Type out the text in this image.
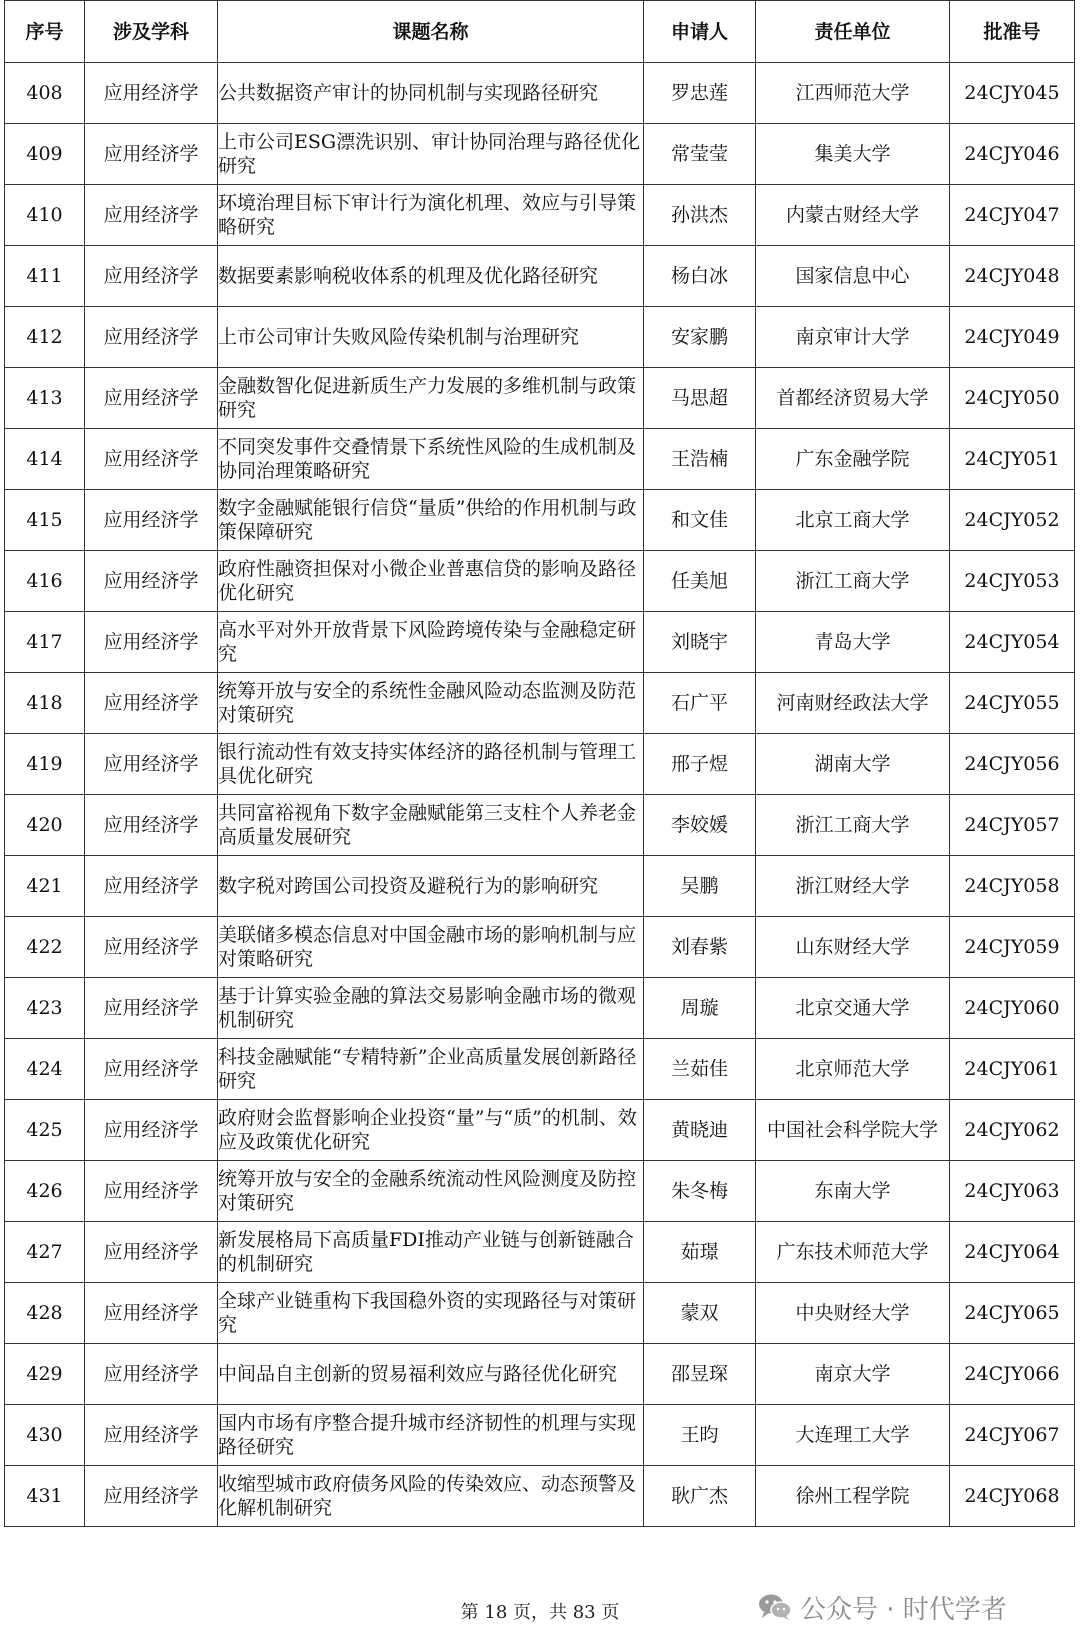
序号	涉及学科	课题名称	申请人	责任单位	批准号
408	应用经济学	公共数据资产审计的协同机制与实现路径研究	罗忠莲	江西师范大学	24CJY045
409	应用经济学	上市公司ESG漂洗识别、审计协同治理与路径优化研究	常莹莹	集美大学	24CJY046
410	应用经济学	环境治理目标下审计行为演化机理、效应与引导策略研究	孙洪杰	内蒙古财经大学	24CJY047
411	应用经济学	数据要素影响税收体系的机理及优化路径研究	杨白冰	国家信息中心	24CJY048
412	应用经济学	上市公司审计失败风险传染机制与治理研究	安家鹏	南京审计大学	24CJY049
413	应用经济学	金融数智化促进新质生产力发展的多维机制与政策研究	马思超	首都经济贸易大学	24CJY050
414	应用经济学	不同突发事件交叠情景下系统性风险的生成机制及协同治理策略研究	王浩楠	广东金融学院	24CJY051
415	应用经济学	数字金融赋能银行信贷“量质”供给的作用机制与政策保障研究	和文佳	北京工商大学	24CJY052
416	应用经济学	政府性融资担保对小微企业普惠信贷的影响及路径优化研究	任美旭	浙江工商大学	24CJY053
417	应用经济学	高水平对外开放背景下风险跨境传染与金融稳定研究	刘晓宇	青岛大学	24CJY054
418	应用经济学	统筹开放与安全的系统性金融风险动态监测及防范对策研究	石广平	河南财经政法大学	24CJY055
419	应用经济学	银行流动性有效支持实体经济的路径机制与管理工具优化研究	邢子煜	湖南大学	24CJY056
420	应用经济学	共同富裕视角下数字金融赋能第三支柱个人养老金高质量发展研究	李姣媛	浙江工商大学	24CJY057
421	应用经济学	数字税对跨国公司投资及避税行为的影响研究	吴鹏	浙江财经大学	24CJY058
422	应用经济学	美联储多模态信息对中国金融市场的影响机制与应对策略研究	刘春紫	山东财经大学	24CJY059
423	应用经济学	基于计算实验金融的算法交易影响金融市场的微观机制研究	周璇	北京交通大学	24CJY060
424	应用经济学	科技金融赋能“专精特新”企业高质量发展创新路径研究	兰茹佳	北京师范大学	24CJY061
425	应用经济学	政府财会监督影响企业投资“量”与“质”的机制、效应及政策优化研究	黄晓迪	中国社会科学院大学	24CJY062
426	应用经济学	统筹开放与安全的金融系统流动性风险测度及防控对策研究	朱冬梅	东南大学	24CJY063
427	应用经济学	新发展格局下高质量FDI推动产业链与创新链融合的机制研究	茹璟	广东技术师范大学	24CJY064
428	应用经济学	全球产业链重构下我国稳外资的实现路径与对策研究	蒙双	中央财经大学	24CJY065
429	应用经济学	中间品自主创新的贸易福利效应与路径优化研究	邵昱琛	南京大学	24CJY066
430	应用经济学	国内市场有序整合提升城市经济韧性的机理与实现路径研究	王昀	大连理工大学	24CJY067
431	应用经济学	收缩型城市政府债务风险的传染效应、动态预警及化解机制研究	耿广杰	徐州工程学院	24CJY068
公众号 · 时代学者
第 18 页，共 83 页
